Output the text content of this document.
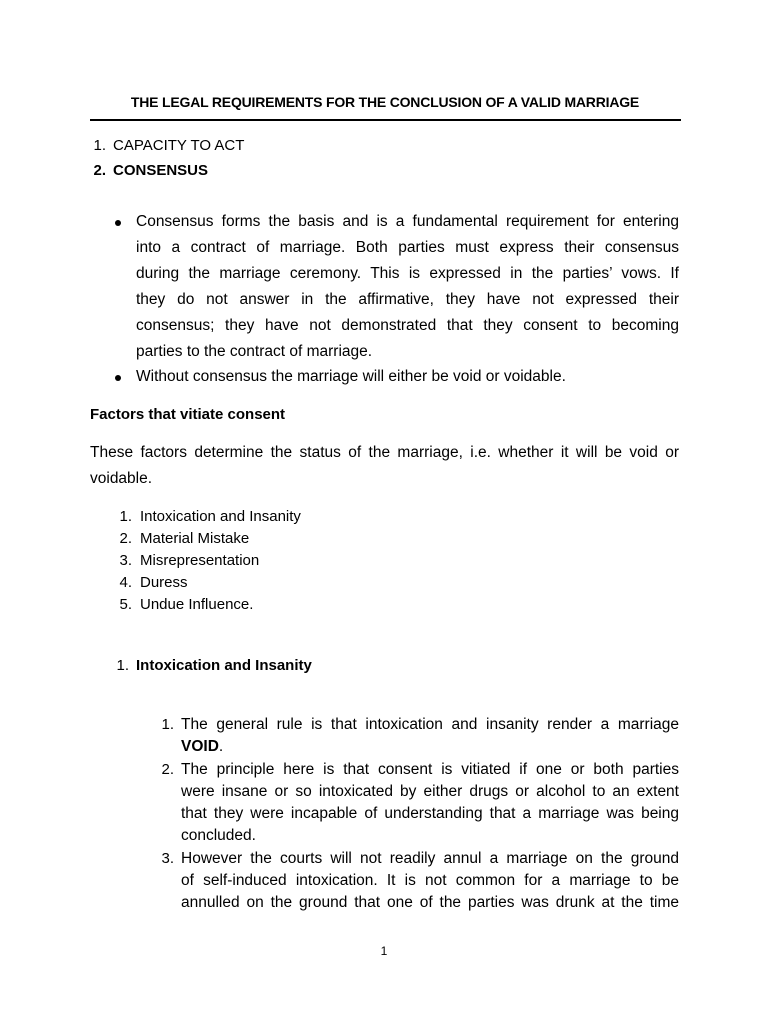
THE LEGAL REQUIREMENTS FOR THE CONCLUSION OF A VALID MARRIAGE
1. CAPACITY TO ACT
2. CONSENSUS
Consensus forms the basis and is a fundamental requirement for entering
into a contract of marriage. Both parties must express their consensus
during the marriage ceremony. This is expressed in the parties’ vows. If
they do not answer in the affirmative, they have not expressed their
consensus; they have not demonstrated that they consent to becoming
parties to the contract of marriage.
Without consensus the marriage will either be void or voidable.
Factors that vitiate consent
These factors determine the status of the marriage, i.e. whether it will be void or
voidable.
1. Intoxication and Insanity
2. Material Mistake
3. Misrepresentation
4. Duress
5. Undue Influence.
1. Intoxication and Insanity
1. The general rule is that intoxication and insanity render a marriage
VOID.
2. The principle here is that consent is vitiated if one or both parties
were insane or so intoxicated by either drugs or alcohol to an extent
that they were incapable of understanding that a marriage was being
concluded.
3. However the courts will not readily annul a marriage on the ground
of self-induced intoxication. It is not common for a marriage to be
annulled on the ground that one of the parties was drunk at the time
1
